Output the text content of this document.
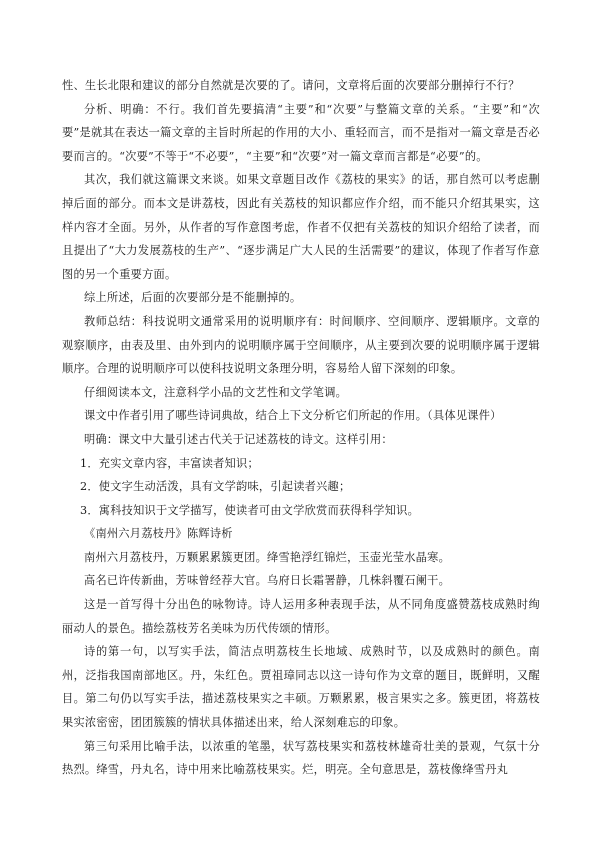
性、生长北限和建议的部分自然就是次要的了。请问，文章将后面的次要部分删掉行不行？

分析、明确：不行。我们首先要搞清“主要”和“次要”与整篇文章的关系。“主要”和“次要”是就其在表达一篇文章的主旨时所起的作用的大小、重轻而言，而不是指对一篇文章是否必要而言的。“次要”不等于“不必要”，“主要”和“次要”对一篇文章而言都是“必要”的。

其次，我们就这篇课文来谈。如果文章题目改作《荔枝的果实》的话，那自然可以考虑删掉后面的部分。而本文是讲荔枝，因此有关荔枝的知识都应作介绍，而不能只介绍其果实，这样内容才全面。另外，从作者的写作意图考虑，作者不仅把有关荔枝的知识介绍给了读者，而且提出了“大力发展荔枝的生产”、“逐步满足广大人民的生活需要”的建议，体现了作者写作意图的另一个重要方面。

综上所述，后面的次要部分是不能删掉的。

教师总结：科技说明文通常采用的说明顺序有：时间顺序、空间顺序、逻辑顺序。文章的观察顺序，由表及里、由外到内的说明顺序属于空间顺序，从主要到次要的说明顺序属于逻辑顺序。合理的说明顺序可以使科技说明文条理分明，容易给人留下深刻的印象。

仔细阅读本文，注意科学小品的文艺性和文学笔调。

课文中作者引用了哪些诗词典故，结合上下文分析它们所起的作用。（具体见课件）

明确：课文中大量引述古代关于记述荔枝的诗文。这样引用：

1．充实文章内容，丰富读者知识；

2．使文字生动活泼，具有文学韵味，引起读者兴趣；

3．寓科技知识于文学描写，使读者可由文学欣赏而获得科学知识。

《南州六月荔枝丹》陈辉诗析

南州六月荔枝丹，万颗累累簇更团。绛雪艳浮红锦烂，玉壶光莹水晶寒。

高名已许传新曲，芳味曾经荐大官。乌府日长霜署静，几株斜覆石阑干。

这是一首写得十分出色的咏物诗。诗人运用多种表现手法，从不同角度盛赞荔枝成熟时绚丽动人的景色。描绘荔枝芳名美味为历代传颂的情形。

诗的第一句，以写实手法，简洁点明荔枝生长地域、成熟时节，以及成熟时的颜色。南州，泛指我国南部地区。丹，朱红色。贾祖璋同志以这一诗句作为文章的题目，既鲜明，又醒目。第二句仍以写实手法，描述荔枝果实之丰硕。万颗累累，极言果实之多。簇更团，将荔枝果实浓密密，团团簇簇的情状具体描述出来，给人深刻难忘的印象。

第三句采用比喻手法，以浓重的笔墨，状写荔枝果实和荔枝林雄奇壮美的景观，气氛十分热烈。绛雪，丹丸名，诗中用来比喻荔枝果实。烂，明亮。全句意思是，荔枝像绛雪丹丸
